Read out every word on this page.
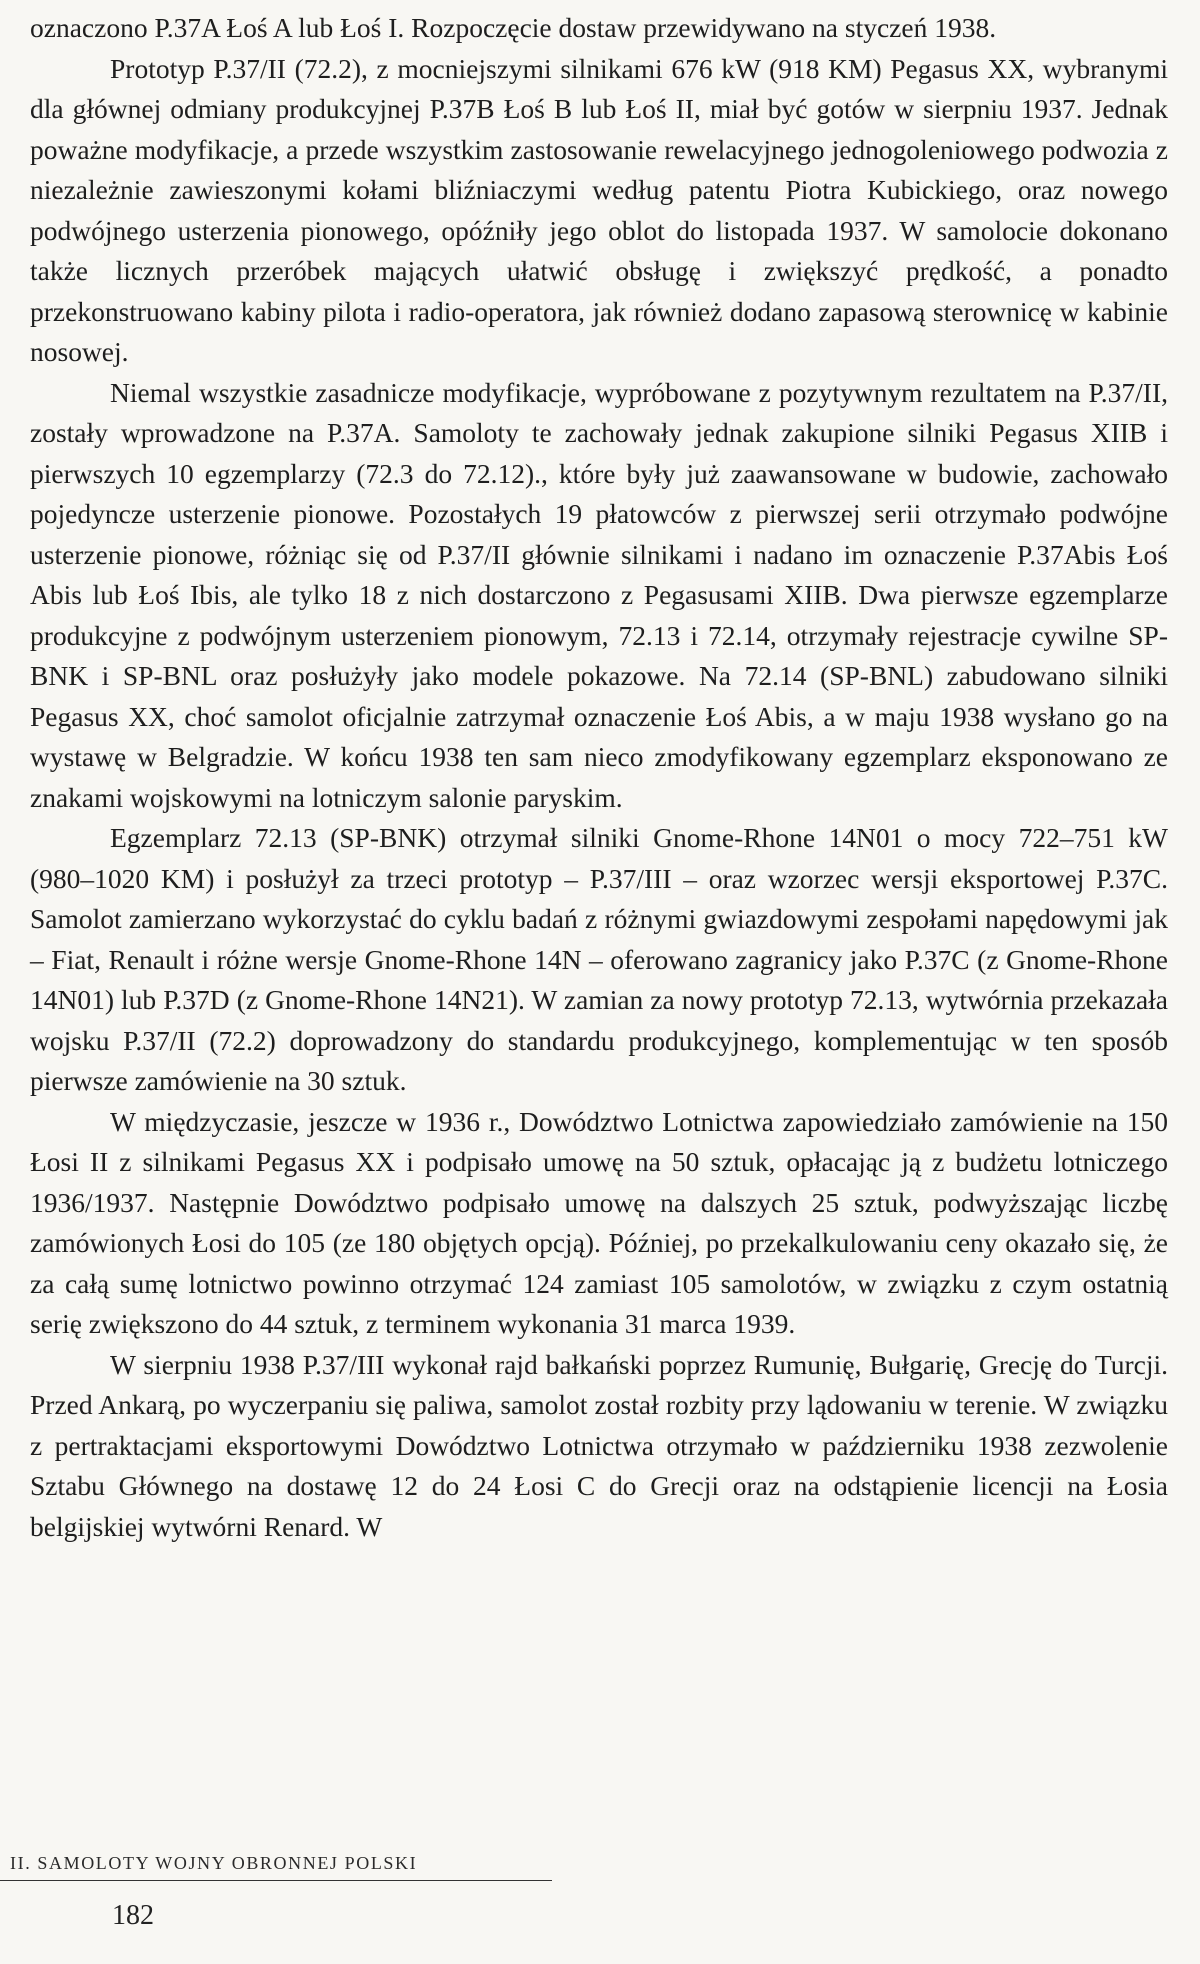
oznaczono P.37A Łoś A lub Łoś I. Rozpoczęcie dostaw przewidywano na styczeń 1938.

Prototyp P.37/II (72.2), z mocniejszymi silnikami 676 kW (918 KM) Pegasus XX, wybranymi dla głównej odmiany produkcyjnej P.37B Łoś B lub Łoś II, miał być gotów w sierpniu 1937. Jednak poważne modyfikacje, a przede wszystkim zastosowanie rewelacyjnego jednogoleniowego podwozia z niezależnie zawieszonymi kołami bliźniaczymi według patentu Piotra Kubickiego, oraz nowego podwójnego usterzenia pionowego, opóźniły jego oblot do listopada 1937. W samolocie dokonano także licznych przeróbek mających ułatwić obsługę i zwiększyć prędkość, a ponadto przekonstruowano kabiny pilota i radio-operatora, jak również dodano zapasową sterownicę w kabinie nosowej.

Niemal wszystkie zasadnicze modyfikacje, wypróbowane z pozytywnym rezultatem na P.37/II, zostały wprowadzone na P.37A. Samoloty te zachowały jednak zakupione silniki Pegasus XIIB i pierwszych 10 egzemplarzy (72.3 do 72.12)., które były już zaawansowane w budowie, zachowało pojedyncze usterzenie pionowe. Pozostałych 19 płatowców z pierwszej serii otrzymało podwójne usterzenie pionowe, różniąc się od P.37/II głównie silnikami i nadano im oznaczenie P.37Abis Łoś Abis lub Łoś Ibis, ale tylko 18 z nich dostarczono z Pegasusami XIIB. Dwa pierwsze egzemplarze produkcyjne z podwójnym usterzeniem pionowym, 72.13 i 72.14, otrzymały rejestracje cywilne SP-BNK i SP-BNL oraz posłużyły jako modele pokazowe. Na 72.14 (SP-BNL) zabudowano silniki Pegasus XX, choć samolot oficjalnie zatrzymał oznaczenie Łoś Abis, a w maju 1938 wysłano go na wystawę w Belgradzie. W końcu 1938 ten sam nieco zmodyfikowany egzemplarz eksponowano ze znakami wojskowymi na lotniczym salonie paryskim.

Egzemplarz 72.13 (SP-BNK) otrzymał silniki Gnome-Rhone 14N01 o mocy 722–751 kW (980–1020 KM) i posłużył za trzeci prototyp – P.37/III – oraz wzorzec wersji eksportowej P.37C. Samolot zamierzano wykorzystać do cyklu badań z różnymi gwiazdowymi zespołami napędowymi jak – Fiat, Renault i różne wersje Gnome-Rhone 14N – oferowano zagranicy jako P.37C (z Gnome-Rhone 14N01) lub P.37D (z Gnome-Rhone 14N21). W zamian za nowy prototyp 72.13, wytwórnia przekazała wojsku P.37/II (72.2) doprowadzony do standardu produkcyjnego, komplementując w ten sposób pierwsze zamówienie na 30 sztuk.

W międzyczasie, jeszcze w 1936 r., Dowództwo Lotnictwa zapowiedziało zamówienie na 150 Łosi II z silnikami Pegasus XX i podpisało umowę na 50 sztuk, opłacając ją z budżetu lotniczego 1936/1937. Następnie Dowództwo podpisało umowę na dalszych 25 sztuk, podwyższając liczbę zamówionych Łosi do 105 (ze 180 objętych opcją). Później, po przekalkulowaniu ceny okazało się, że za całą sumę lotnictwo powinno otrzymać 124 zamiast 105 samolotów, w związku z czym ostatnią serię zwiększono do 44 sztuk, z terminem wykonania 31 marca 1939.

W sierpniu 1938 P.37/III wykonał rajd bałkański poprzez Rumunię, Bułgarię, Grecję do Turcji. Przed Ankarą, po wyczerpaniu się paliwa, samolot został rozbity przy lądowaniu w terenie. W związku z pertraktacjami eksportowymi Dowództwo Lotnictwa otrzymało w październiku 1938 zezwolenie Sztabu Głównego na dostawę 12 do 24 Łosi C do Grecji oraz na odstąpienie licencji na Łosia belgijskiej wytwórni Renard. W

II. SAMOLOTY WOJNY OBRONNEJ POLSKI
182
